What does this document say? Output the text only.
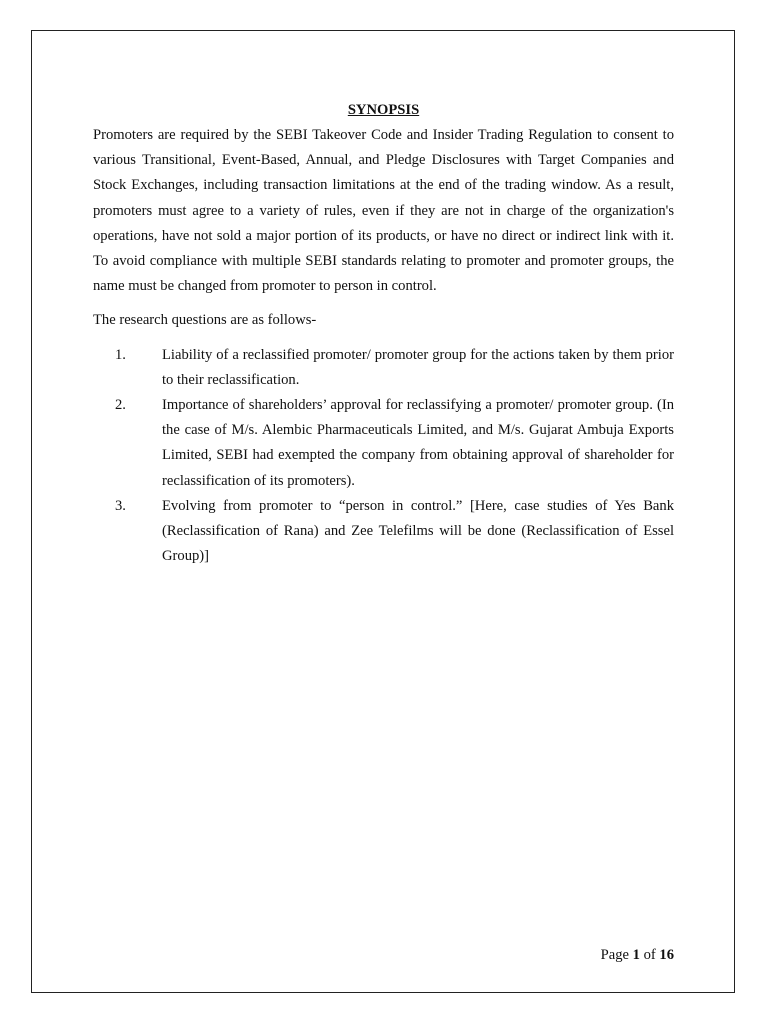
SYNOPSIS

Promoters are required by the SEBI Takeover Code and Insider Trading Regulation to consent to various Transitional, Event-Based, Annual, and Pledge Disclosures with Target Companies and Stock Exchanges, including transaction limitations at the end of the trading window. As a result, promoters must agree to a variety of rules, even if they are not in charge of the organization's operations, have not sold a major portion of its products, or have no direct or indirect link with it. To avoid compliance with multiple SEBI standards relating to promoter and promoter groups, the name must be changed from promoter to person in control.

The research questions are as follows-

1.	Liability of a reclassified promoter/ promoter group for the actions taken by them prior to their reclassification.
2.	Importance of shareholders’ approval for reclassifying a promoter/ promoter group. (In the case of M/s. Alembic Pharmaceuticals Limited, and M/s. Gujarat Ambuja Exports Limited, SEBI had exempted the company from obtaining approval of shareholder for reclassification of its promoters).
3.	Evolving from promoter to “person in control.” [Here, case studies of Yes Bank (Reclassification of Rana) and Zee Telefilms will be done (Reclassification of Essel Group)]
Page 1 of 16
